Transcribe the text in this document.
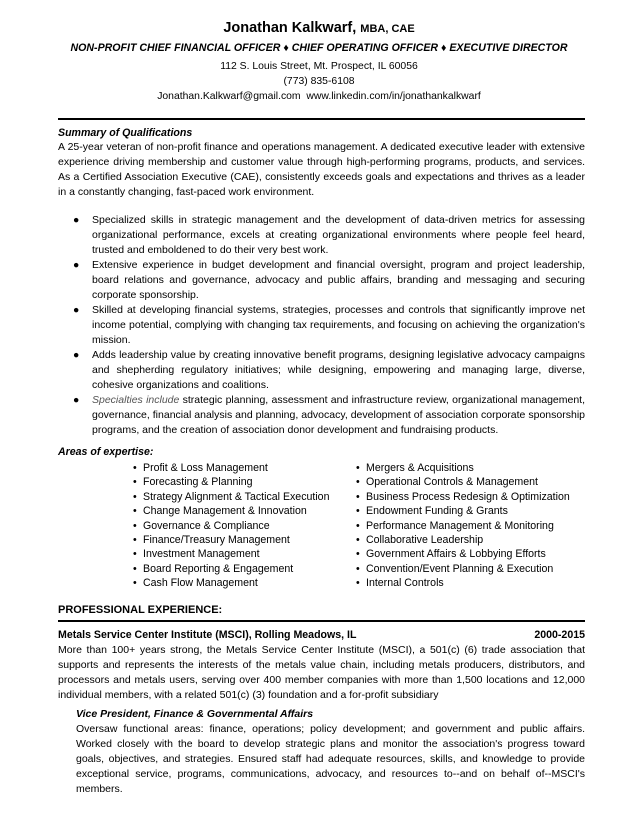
Jonathan Kalkwarf, MBA, CAE
NON-PROFIT CHIEF FINANCIAL OFFICER ♦ CHIEF OPERATING OFFICER ♦ EXECUTIVE DIRECTOR
112 S. Louis Street, Mt. Prospect, IL 60056
(773) 835-6108
Jonathan.Kalkwarf@gmail.com www.linkedin.com/in/jonathankalkwarf
Summary of Qualifications
A 25-year veteran of non-profit finance and operations management. A dedicated executive leader with extensive experience driving membership and customer value through high-performing programs, products, and services. As a Certified Association Executive (CAE), consistently exceeds goals and expectations and thrives as a leader in a constantly changing, fast-paced work environment.
● Specialized skills in strategic management and the development of data-driven metrics for assessing organizational performance, excels at creating organizational environments where people feel heard, trusted and emboldened to do their very best work.
● Extensive experience in budget development and financial oversight, program and project leadership, board relations and governance, advocacy and public affairs, branding and messaging and securing corporate sponsorship.
● Skilled at developing financial systems, strategies, processes and controls that significantly improve net income potential, complying with changing tax requirements, and focusing on achieving the organization's mission.
● Adds leadership value by creating innovative benefit programs, designing legislative advocacy campaigns and shepherding regulatory initiatives; while designing, empowering and managing large, diverse, cohesive organizations and coalitions.
● Specialties include strategic planning, assessment and infrastructure review, organizational management, governance, financial analysis and planning, advocacy, development of association corporate sponsorship programs, and the creation of association donor development and fundraising products.
Areas of expertise:
• Profit & Loss Management
• Forecasting & Planning
• Strategy Alignment & Tactical Execution
• Change Management & Innovation
• Governance & Compliance
• Finance/Treasury Management
• Investment Management
• Board Reporting & Engagement
• Cash Flow Management
• Mergers & Acquisitions
• Operational Controls & Management
• Business Process Redesign & Optimization
• Endowment Funding & Grants
• Performance Management & Monitoring
• Collaborative Leadership
• Government Affairs & Lobbying Efforts
• Convention/Event Planning & Execution
• Internal Controls
PROFESSIONAL EXPERIENCE:
Metals Service Center Institute (MSCI), Rolling Meadows, IL	2000-2015
More than 100+ years strong, the Metals Service Center Institute (MSCI), a 501(c) (6) trade association that supports and represents the interests of the metals value chain, including metals producers, distributors, and processors and metals users, serving over 400 member companies with more than 1,500 locations and 12,000 individual members, with a related 501(c) (3) foundation and a for-profit subsidiary
Vice President, Finance & Governmental Affairs
Oversaw functional areas: finance, operations; policy development; and government and public affairs. Worked closely with the board to develop strategic plans and monitor the association's progress toward goals, objectives, and strategies. Ensured staff had adequate resources, skills, and knowledge to provide exceptional service, programs, communications, advocacy, and resources to--and on behalf of--MSCI's members.
